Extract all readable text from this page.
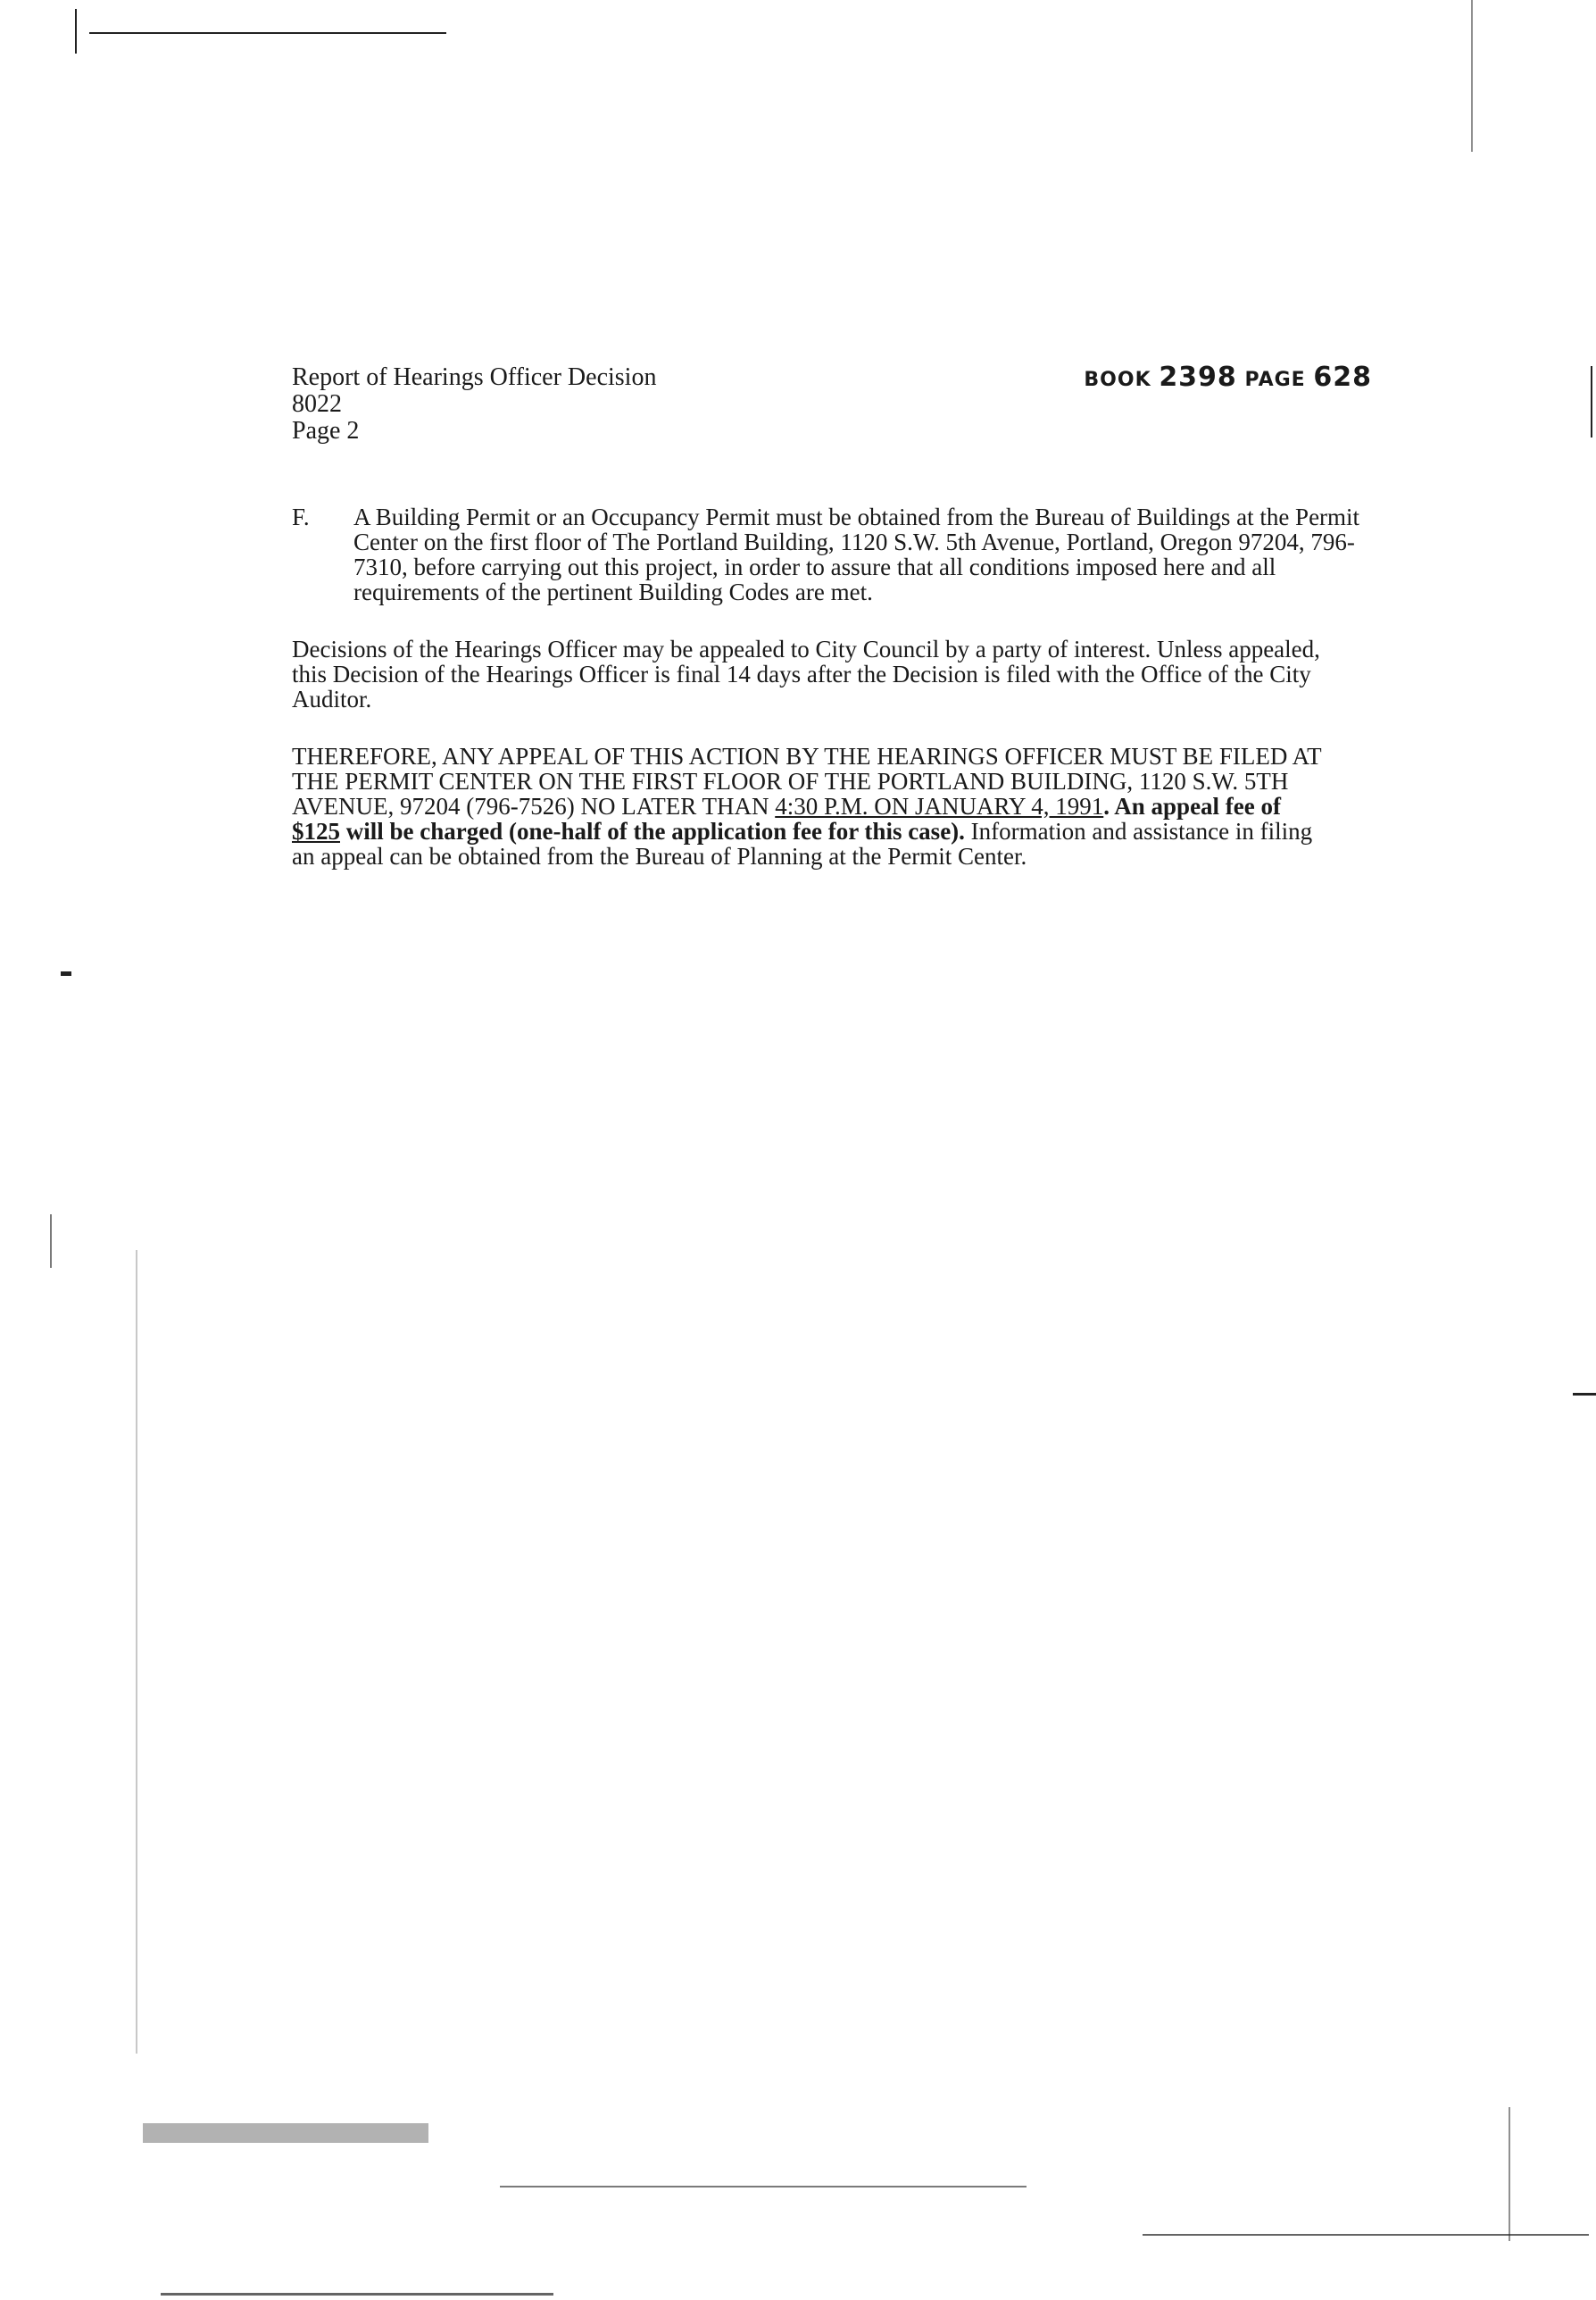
Report of Hearings Officer Decision
8022
Page 2
BOOK 2398 PAGE 628
F. A Building Permit or an Occupancy Permit must be obtained from the Bureau of Buildings at the Permit Center on the first floor of The Portland Building, 1120 S.W. 5th Avenue, Portland, Oregon 97204, 796-7310, before carrying out this project, in order to assure that all conditions imposed here and all requirements of the pertinent Building Codes are met.
Decisions of the Hearings Officer may be appealed to City Council by a party of interest. Unless appealed, this Decision of the Hearings Officer is final 14 days after the Decision is filed with the Office of the City Auditor.
THEREFORE, ANY APPEAL OF THIS ACTION BY THE HEARINGS OFFICER MUST BE FILED AT THE PERMIT CENTER ON THE FIRST FLOOR OF THE PORTLAND BUILDING, 1120 S.W. 5TH AVENUE, 97204 (796-7526) NO LATER THAN 4:30 P.M. ON JANUARY 4, 1991. An appeal fee of $125 will be charged (one-half of the application fee for this case). Information and assistance in filing an appeal can be obtained from the Bureau of Planning at the Permit Center.
